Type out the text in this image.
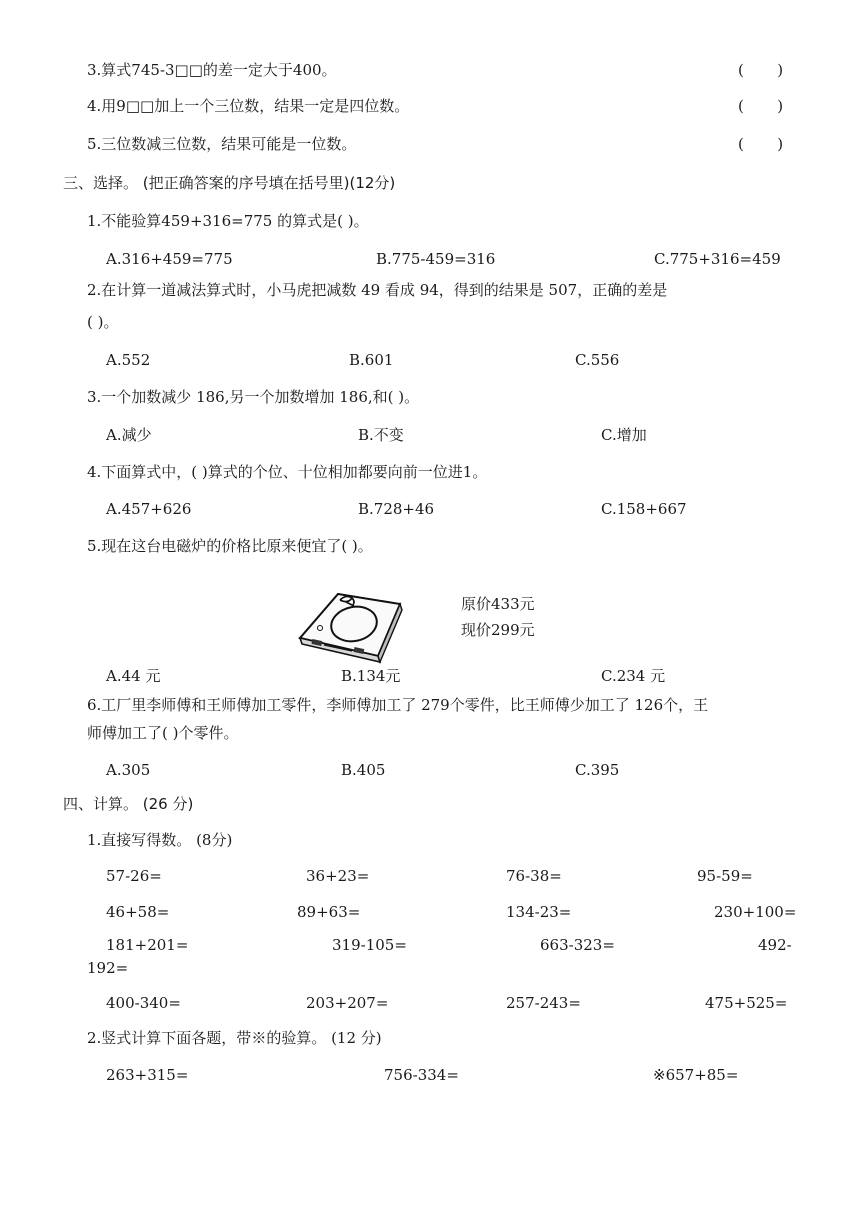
3.算式745-3□□的差一定大于400。	(       )
4.用9□□加上一个三位数，结果一定是四位数。	(       )
5.三位数减三位数，结果可能是一位数。	(       )
三、选择。 (把正确答案的序号填在括号里)(12分)
1.不能验算459+316=775 的算式是( )。
A.316+459=775	B.775-459=316	C.775+316=459
2.在计算一道减法算式时，小马虎把减数 49 看成 94，得到的结果是 507，正确的差是
( )。
A.552	B.601	C.556
3.一个加数减少 186,另一个加数增加 186,和( )。
A.减少	B.不变	C.增加
4.下面算式中，( )算式的个位、十位相加都要向前一位进1。
A.457+626	B.728+46	C.158+667
5.现在这台电磁炉的价格比原来便宜了( )。
原价433元
现价299元
A.44 元	B.134元	C.234 元
6.工厂里李师傅和王师傅加工零件，李师傅加工了 279个零件，比王师傅少加工了 126个，王
师傅加工了( )个零件。
A.305	B.405	C.395
四、计算。 (26 分)
1.直接写得数。 (8分)
57-26=	36+23=	76-38=	95-59=
46+58=	89+63=	134-23=	230+100=
181+201=	319-105=	663-323=	492-
192=
400-340=	203+207=	257-243=	475+525=
2.竖式计算下面各题，带※的验算。 (12 分)
263+315=	756-334=	※657+85=
